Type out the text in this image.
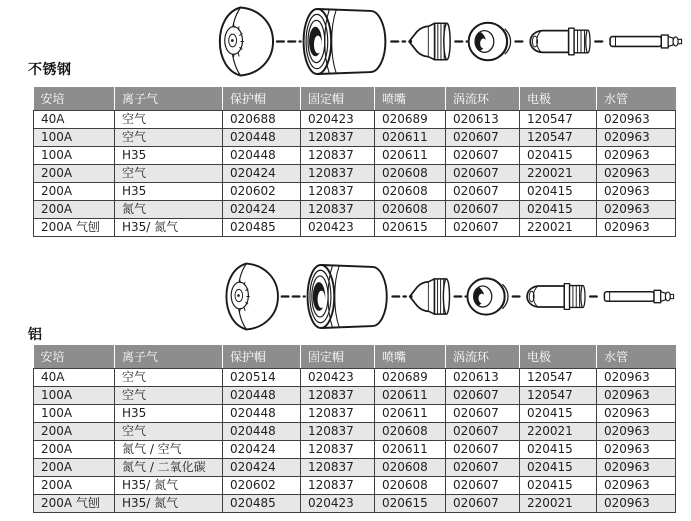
不锈钢
安培	离子气	保护帽	固定帽	喷嘴	涡流环	电极	水管
40A	空气	020688	020423	020689	020613	120547	020963
100A	空气	020448	120837	020611	020607	120547	020963
100A	H35	020448	120837	020611	020607	020415	020963
200A	空气	020424	120837	020608	020607	220021	020963
200A	H35	020602	120837	020608	020607	020415	020963
200A	氮气	020424	120837	020608	020607	020415	020963
200A 气刨	H35/ 氮气	020485	020423	020615	020607	220021	020963
铝
安培	离子气	保护帽	固定帽	喷嘴	涡流环	电极	水管
40A	空气	020514	020423	020689	020613	120547	020963
100A	空气	020448	120837	020611	020607	120547	020963
100A	H35	020448	120837	020611	020607	020415	020963
200A	空气	020448	120837	020608	020607	220021	020963
200A	氮气 / 空气	020424	120837	020611	020607	020415	020963
200A	氮气 / 二氧化碳	020424	120837	020608	020607	020415	020963
200A	H35/ 氮气	020602	120837	020608	020607	020415	020963
200A 气刨	H35/ 氮气	020485	020423	020615	020607	220021	020963
